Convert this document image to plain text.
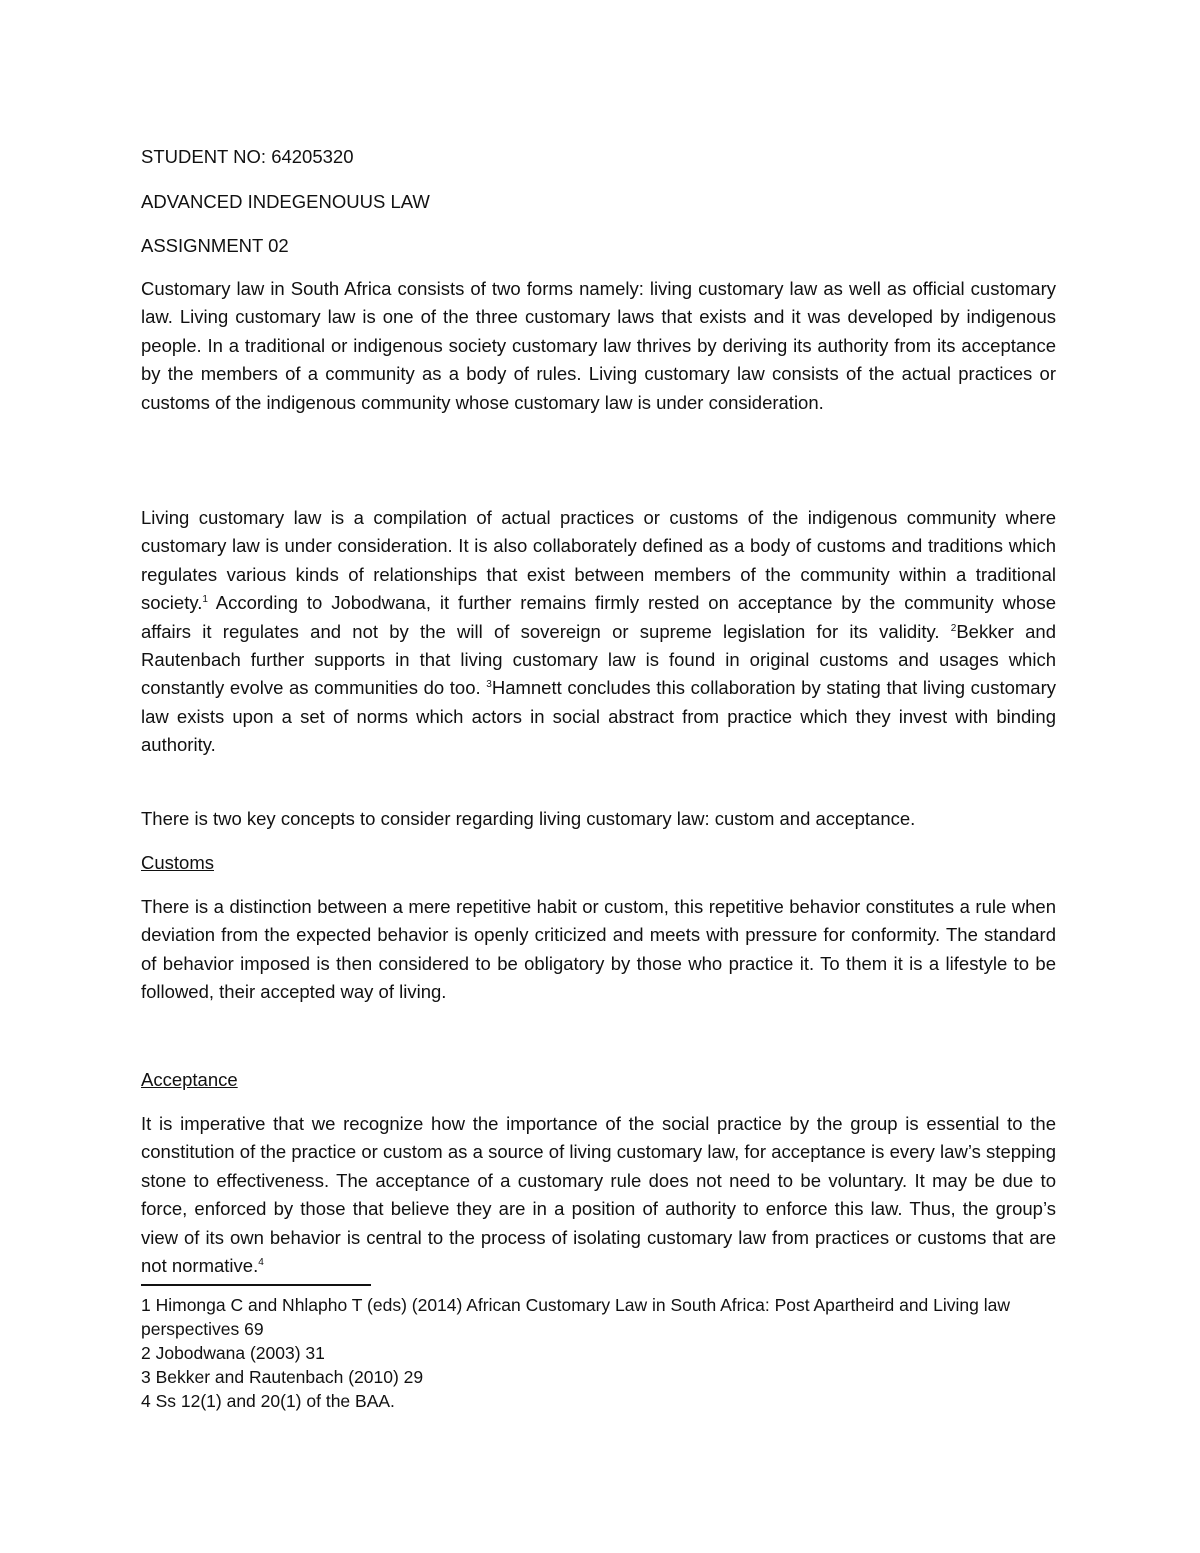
STUDENT NO: 64205320
ADVANCED INDEGENOUUS LAW
ASSIGNMENT 02
Customary law in South Africa consists of two forms namely: living customary law as well as official customary law. Living customary law is one of the three customary laws that exists and it was developed by indigenous people. In a traditional or indigenous society customary law thrives by deriving its authority from its acceptance by the members of a community as a body of rules. Living customary law consists of the actual practices or customs of the indigenous community whose customary law is under consideration.
Living customary law is a compilation of actual practices or customs of the indigenous community where customary law is under consideration. It is also collaborately defined as a body of customs and traditions which regulates various kinds of relationships that exist between members of the community within a traditional society.$^1$ According to Jobodwana, it further remains firmly rested on acceptance by the community whose affairs it regulates and not by the will of sovereign or supreme legislation for its validity. $^2$Bekker and Rautenbach further supports in that living customary law is found in original customs and usages which constantly evolve as communities do too. $^3$Hamnett concludes this collaboration by stating that living customary law exists upon a set of norms which actors in social abstract from practice which they invest with binding authority.
There is two key concepts to consider regarding living customary law: custom and acceptance.
Customs
There is a distinction between a mere repetitive habit or custom, this repetitive behavior constitutes a rule when deviation from the expected behavior is openly criticized and meets with pressure for conformity. The standard of behavior imposed is then considered to be obligatory by those who practice it. To them it is a lifestyle to be followed, their accepted way of living.
Acceptance
It is imperative that we recognize how the importance of the social practice by the group is essential to the constitution of the practice or custom as a source of living customary law, for acceptance is every law’s stepping stone to effectiveness. The acceptance of a customary rule does not need to be voluntary. It may be due to force, enforced by those that believe they are in a position of authority to enforce this law. Thus, the group’s view of its own behavior is central to the process of isolating customary law from practices or customs that are not normative.$^4$
1 Himonga C and Nhlapho T (eds) (2014) African Customary Law in South Africa: Post Apartheird and Living law perspectives 69
2 Jobodwana (2003) 31
3 Bekker and Rautenbach (2010) 29
4 Ss 12(1) and 20(1) of the BAA.
